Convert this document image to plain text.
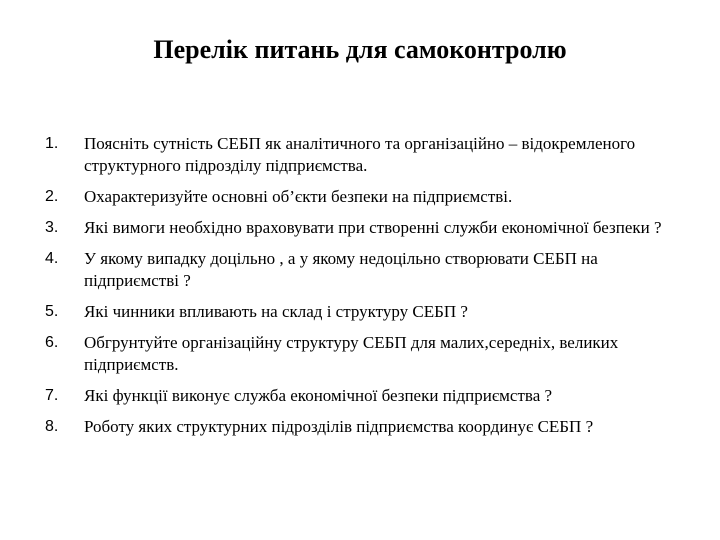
Перелік питань для самоконтролю
1. Поясніть сутність СЕБП як аналітичного та організаційно – відокремленого структурного підрозділу підприємства.
2. Охарактеризуйте основні об’єкти безпеки на підприємстві.
3. Які вимоги необхідно враховувати при створенні служби економічної безпеки ?
4. У якому випадку доцільно , а у якому недоцільно створювати СЕБП на підприємстві ?
5. Які чинники впливають на склад і структуру СЕБП ?
6. Обгрунтуйте організаційну структуру СЕБП для малих,середніх, великих підприємств.
7. Які функції виконує служба економічної безпеки підприємства ?
8. Роботу яких структурних підрозділів підприємства координує СЕБП ?
